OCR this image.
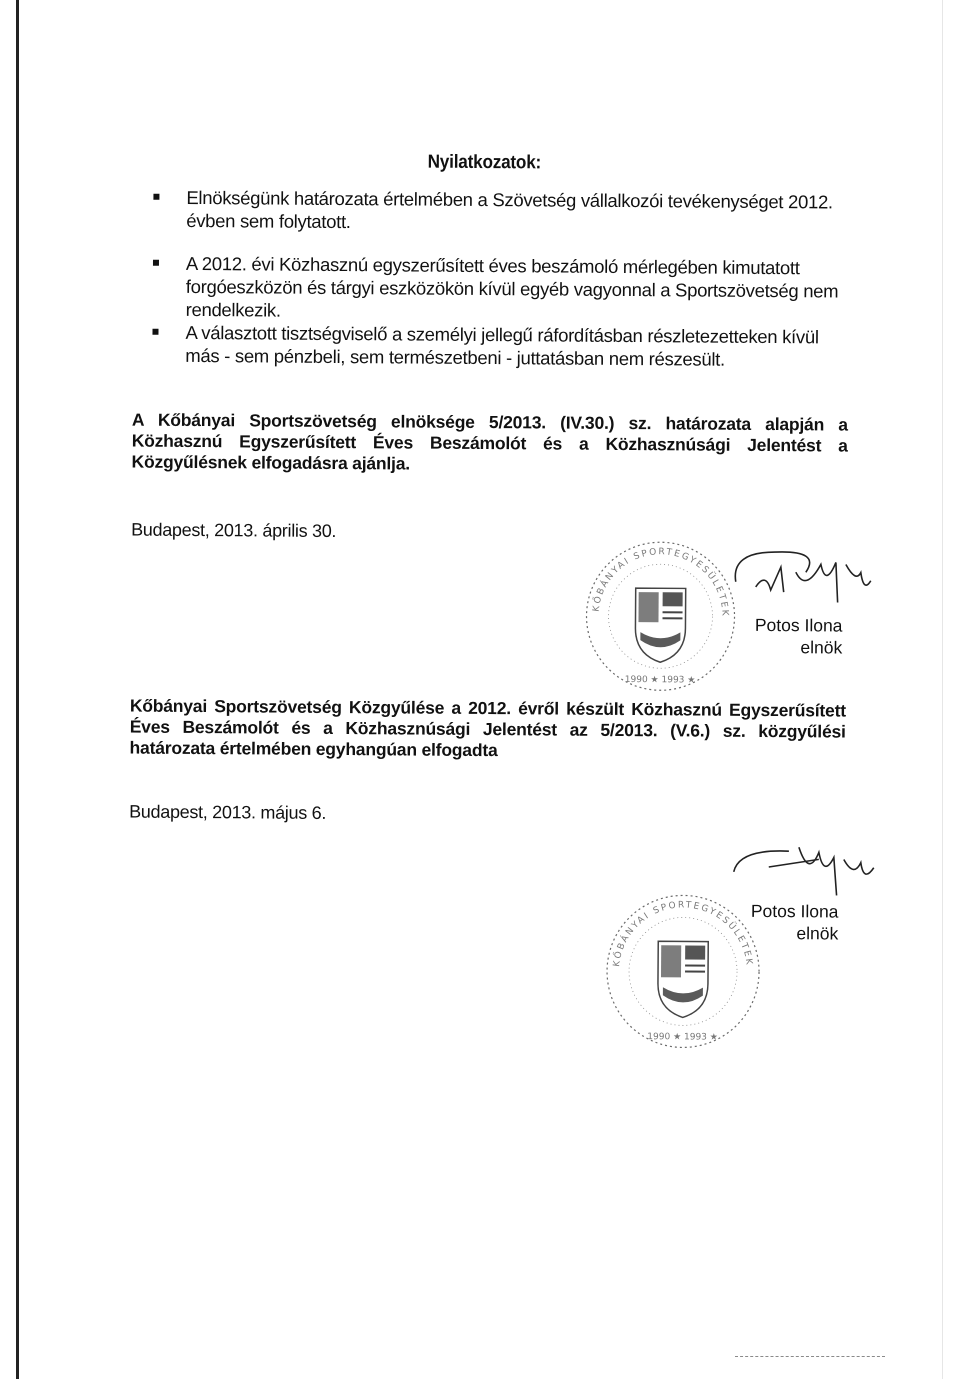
Nyilatkozatok:
Elnökségünk határozata értelmében a Szövetség vállalkozói tevékenységet 2012. évben sem folytatott.
A 2012. évi Közhasznú egyszerűsített éves beszámoló mérlegében kimutatott forgóeszközön és tárgyi eszközökön kívül egyéb vagyonnal a Sportszövetség nem rendelkezik.
A választott tisztségviselő a személyi jellegű ráfordításban részletezetteken kívül más - sem pénzbeli, sem természetbeni - juttatásban nem részesült.
A Kőbányai Sportszövetség elnöksége 5/2013. (IV.30.) sz. határozata alapján a Közhasznú Egyszerűsített Éves Beszámolót és a Közhasznúsági Jelentést a Közgyűlésnek elfogadásra ajánlja.
Budapest, 2013. április 30.
KŐBÁNYAI SPORTEGYESÜLETEK
1990 ★ 1993 ★
Potos Ilona
elnök
Kőbányai Sportszövetség Közgyűlése a 2012. évről készült Közhasznú Egyszerűsített Éves Beszámolót és a Közhasznúsági Jelentést az 5/2013. (V.6.) sz. közgyűlési határozata értelmében egyhangúan elfogadta
Budapest, 2013. május 6.
Potos Ilona
elnök
KŐBÁNYAI SPORTEGYESÜLETEK
1990 ★ 1993 ★
